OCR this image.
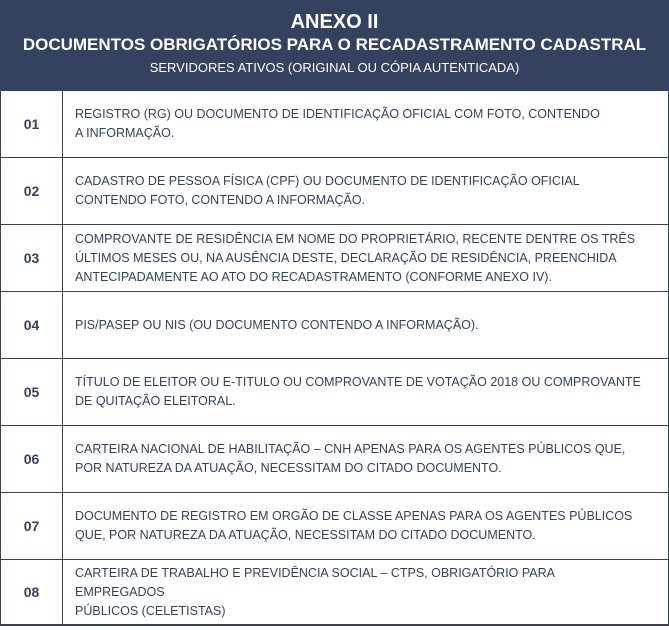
ANEXO II
DOCUMENTOS OBRIGATÓRIOS PARA O RECADASTRAMENTO CADASTRAL
SERVIDORES ATIVOS (ORIGINAL OU CÓPIA AUTENTICADA)
01
REGISTRO (RG) OU DOCUMENTO DE IDENTIFICAÇÃO OFICIAL COM FOTO, CONTENDO
A INFORMAÇÃO.
02
CADASTRO DE PESSOA FÍSICA (CPF) OU DOCUMENTO DE IDENTIFICAÇÃO OFICIAL
CONTENDO FOTO, CONTENDO A INFORMAÇÃO.
03
COMPROVANTE DE RESIDÊNCIA EM NOME DO PROPRIETÁRIO, RECENTE DENTRE OS TRÊS
ÚLTIMOS MESES OU, NA AUSÊNCIA DESTE, DECLARAÇÃO DE RESIDÊNCIA, PREENCHIDA
ANTECIPADAMENTE AO ATO DO RECADASTRAMENTO (CONFORME ANEXO IV).
04	PIS/PASEP OU NIS (OU DOCUMENTO CONTENDO A INFORMAÇÃO).
05
TÍTULO DE ELEITOR OU E-TITULO OU COMPROVANTE DE VOTAÇÃO 2018 OU COMPROVANTE
DE QUITAÇÃO ELEITORAL.
06
CARTEIRA NACIONAL DE HABILITAÇÃO – CNH APENAS PARA OS AGENTES PÚBLICOS QUE,
POR NATUREZA DA ATUAÇÃO, NECESSITAM DO CITADO DOCUMENTO.
07
DOCUMENTO DE REGISTRO EM ORGÃO DE CLASSE APENAS PARA OS AGENTES PÚBLICOS
QUE, POR NATUREZA DA ATUAÇÃO, NECESSITAM DO CITADO DOCUMENTO.
08
CARTEIRA DE TRABALHO E PREVIDÊNCIA SOCIAL – CTPS, OBRIGATÓRIO PARA EMPREGADOS
PÚBLICOS (CELETISTAS)
